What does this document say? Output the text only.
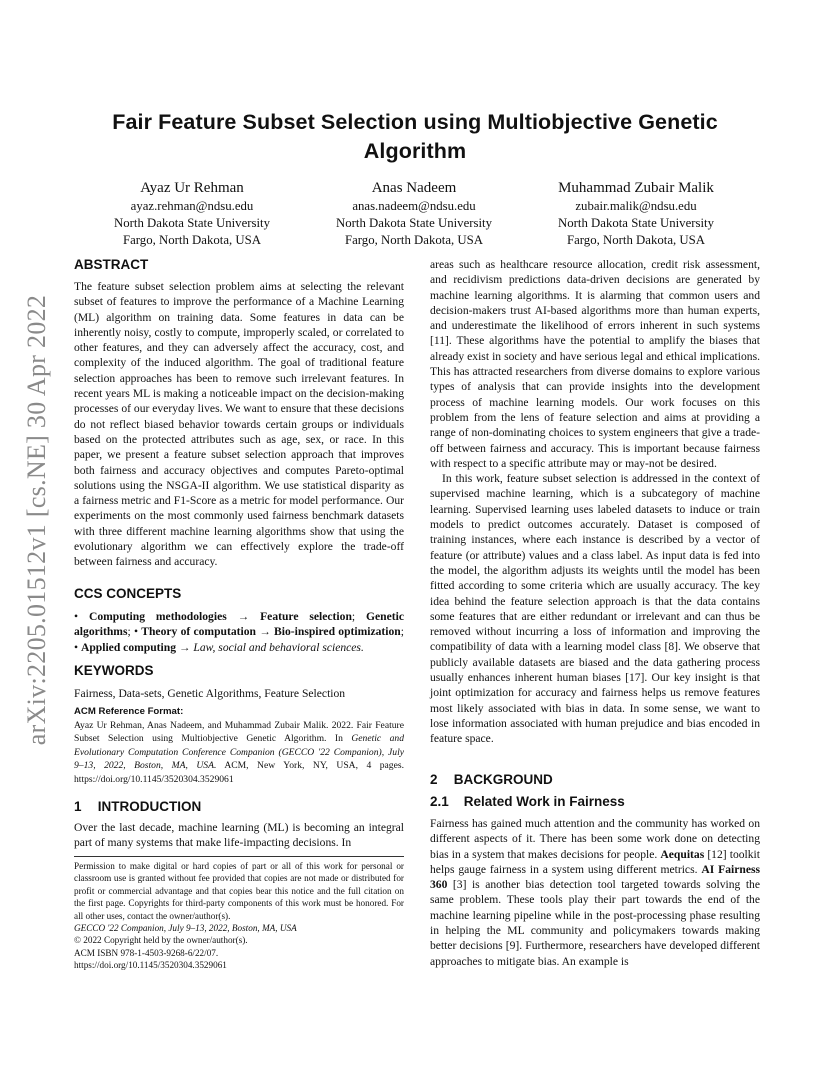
arXiv:2205.01512v1 [cs.NE] 30 Apr 2022
Fair Feature Subset Selection using Multiobjective Genetic Algorithm
Ayaz Ur Rehman
ayaz.rehman@ndsu.edu
North Dakota State University
Fargo, North Dakota, USA
Anas Nadeem
anas.nadeem@ndsu.edu
North Dakota State University
Fargo, North Dakota, USA
Muhammad Zubair Malik
zubair.malik@ndsu.edu
North Dakota State University
Fargo, North Dakota, USA
ABSTRACT

The feature subset selection problem aims at selecting the relevant subset of features to improve the performance of a Machine Learning (ML) algorithm on training data. Some features in data can be inherently noisy, costly to compute, improperly scaled, or correlated to other features, and they can adversely affect the accuracy, cost, and complexity of the induced algorithm. The goal of traditional feature selection approaches has been to remove such irrelevant features. In recent years ML is making a noticeable impact on the decision-making processes of our everyday lives. We want to ensure that these decisions do not reflect biased behavior towards certain groups or individuals based on the protected attributes such as age, sex, or race. In this paper, we present a feature subset selection approach that improves both fairness and accuracy objectives and computes Pareto-optimal solutions using the NSGA-II algorithm. We use statistical disparity as a fairness metric and F1-Score as a metric for model performance. Our experiments on the most commonly used fairness benchmark datasets with three different machine learning algorithms show that using the evolutionary algorithm we can effectively explore the trade-off between fairness and accuracy.

CCS CONCEPTS

• Computing methodologies → Feature selection; Genetic algorithms; • Theory of computation → Bio-inspired optimization; • Applied computing → Law, social and behavioral sciences.

KEYWORDS

Fairness, Data-sets, Genetic Algorithms, Feature Selection

ACM Reference Format:

Ayaz Ur Rehman, Anas Nadeem, and Muhammad Zubair Malik. 2022. Fair Feature Subset Selection using Multiobjective Genetic Algorithm. In Genetic and Evolutionary Computation Conference Companion (GECCO '22 Companion), July 9–13, 2022, Boston, MA, USA. ACM, New York, NY, USA, 4 pages. https://doi.org/10.1145/3520304.3529061

1 INTRODUCTION

Over the last decade, machine learning (ML) is becoming an integral part of many systems that make life-impacting decisions. In

Permission to make digital or hard copies of part or all of this work for personal or classroom use is granted without fee provided that copies are not made or distributed for profit or commercial advantage and that copies bear this notice and the full citation on the first page. Copyrights for third-party components of this work must be honored. For all other uses, contact the owner/author(s).

GECCO '22 Companion, July 9–13, 2022, Boston, MA, USA

© 2022 Copyright held by the owner/author(s).

ACM ISBN 978-1-4503-9268-6/22/07.

https://doi.org/10.1145/3520304.3529061

areas such as healthcare resource allocation, credit risk assessment, and recidivism predictions data-driven decisions are generated by machine learning algorithms. It is alarming that common users and decision-makers trust AI-based algorithms more than human experts, and underestimate the likelihood of errors inherent in such systems [11]. These algorithms have the potential to amplify the biases that already exist in society and have serious legal and ethical implications. This has attracted researchers from diverse domains to explore various types of analysis that can provide insights into the development process of machine learning models. Our work focuses on this problem from the lens of feature selection and aims at providing a range of non-dominating choices to system engineers that give a trade-off between fairness and accuracy. This is important because fairness with respect to a specific attribute may or may-not be desired.

In this work, feature subset selection is addressed in the context of supervised machine learning, which is a subcategory of machine learning. Supervised learning uses labeled datasets to induce or train models to predict outcomes accurately. Dataset is composed of training instances, where each instance is described by a vector of feature (or attribute) values and a class label. As input data is fed into the model, the algorithm adjusts its weights until the model has been fitted according to some criteria which are usually accuracy. The key idea behind the feature selection approach is that the data contains some features that are either redundant or irrelevant and can thus be removed without incurring a loss of information and improving the compatibility of data with a learning model class [8]. We observe that publicly available datasets are biased and the data gathering process usually enhances inherent human biases [17]. Our key insight is that joint optimization for accuracy and fairness helps us remove features most likely associated with bias in data. In some sense, we want to lose information associated with human prejudice and bias encoded in feature space.

2 BACKGROUND
2.1 Related Work in Fairness

Fairness has gained much attention and the community has worked on different aspects of it. There has been some work done on detecting bias in a system that makes decisions for people. Aequitas [12] toolkit helps gauge fairness in a system using different metrics. AI Fairness 360 [3] is another bias detection tool targeted towards solving the same problem. These tools play their part towards the end of the machine learning pipeline while in the post-processing phase resulting in helping the ML community and policymakers towards making better decisions [9]. Furthermore, researchers have developed different approaches to mitigate bias. An example is
